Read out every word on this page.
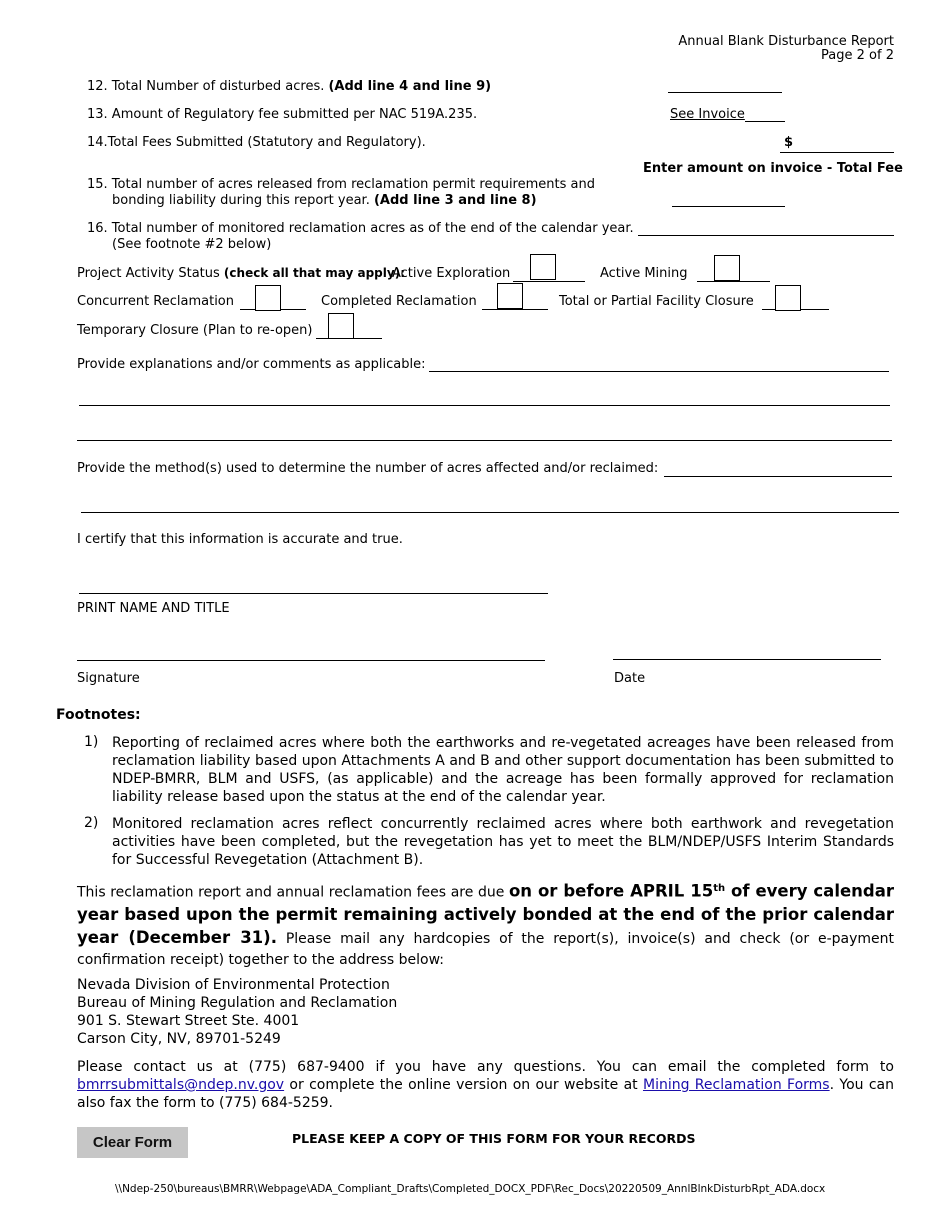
Annual Blank Disturbance Report
Page 2 of 2
12. Total Number of disturbed acres. (Add line 4 and line 9)
13. Amount of Regulatory fee submitted per NAC 519A.235.	See Invoice
14.Total Fees Submitted (Statutory and Regulatory).	$
Enter amount on invoice - Total Fee
15. Total number of acres released from reclamation permit requirements and
bonding liability during this report year. (Add line 3 and line 8)
16. Total number of monitored reclamation acres as of the end of the calendar year.
(See footnote #2 below)
Project Activity Status (check all that may apply):
Active Exploration	Active Mining
Concurrent Reclamation	Completed Reclamation	Total or Partial Facility Closure
Temporary Closure (Plan to re-open)
Provide explanations and/or comments as applicable:
Provide the method(s) used to determine the number of acres affected and/or reclaimed:
I certify that this information is accurate and true.
PRINT NAME AND TITLE
Signature	Date
Footnotes:
1) Reporting of reclaimed acres where both the earthworks and re-vegetated acreages have been released from reclamation liability based upon Attachments A and B and other support documentation has been submitted to NDEP-BMRR, BLM and USFS, (as applicable) and the acreage has been formally approved for reclamation liability release based upon the status at the end of the calendar year.
2) Monitored reclamation acres reflect concurrently reclaimed acres where both earthwork and revegetation activities have been completed, but the revegetation has yet to meet the BLM/NDEP/USFS Interim Standards for Successful Revegetation (Attachment B).
This reclamation report and annual reclamation fees are due on or before APRIL 15th of every calendar year based upon the permit remaining actively bonded at the end of the prior calendar year (December 31). Please mail any hardcopies of the report(s), invoice(s) and check (or e-payment confirmation receipt) together to the address below:
Nevada Division of Environmental Protection
Bureau of Mining Regulation and Reclamation
901 S. Stewart Street Ste. 4001
Carson City, NV, 89701-5249
Please contact us at (775) 687-9400 if you have any questions. You can email the completed form to bmrrsubmittals@ndep.nv.gov or complete the online version on our website at Mining Reclamation Forms. You can also fax the form to (775) 684-5259.
Clear Form	PLEASE KEEP A COPY OF THIS FORM FOR YOUR RECORDS
\\Ndep-250\bureaus\BMRR\Webpage\ADA_Compliant_Drafts\Completed_DOCX_PDF\Rec_Docs\20220509_AnnlBlnkDisturbRpt_ADA.docx
